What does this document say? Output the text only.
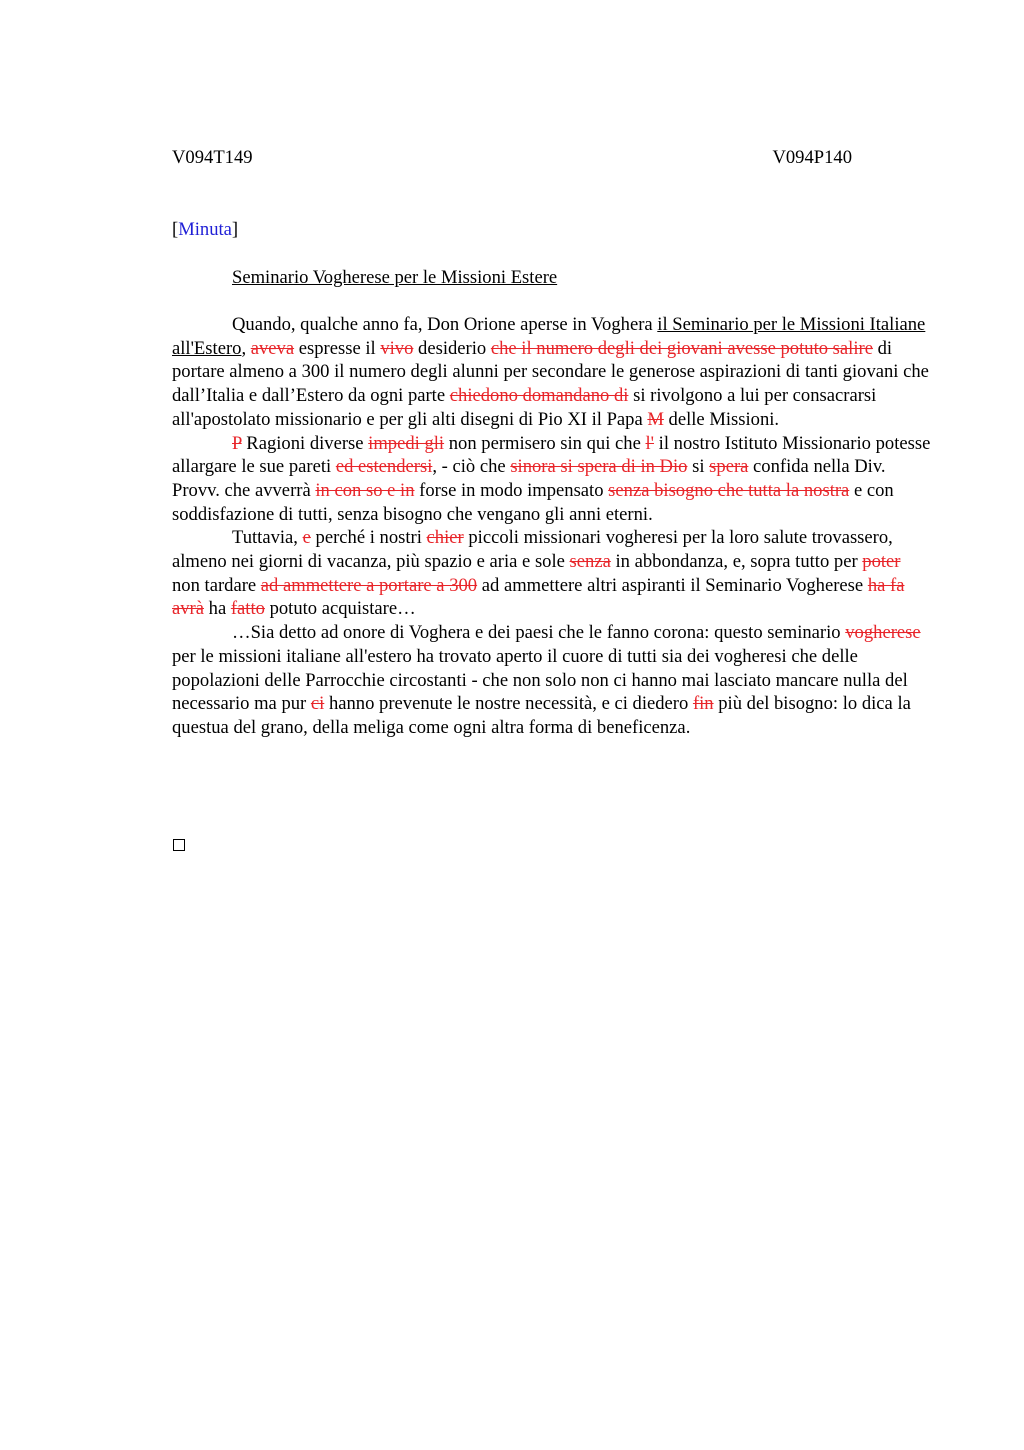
V094T149	V094P140
[Minuta]
Seminario Vogherese per le Missioni Estere

Quando, qualche anno fa, Don Orione aperse in Voghera il Seminario per le Missioni Italiane all'Estero, aveva espresse il vivo desiderio che il numero degli dei giovani avesse potuto salire di portare almeno a 300 il numero degli alunni per secondare le generose aspirazioni di tanti giovani che dall’Italia e dall’Estero da ogni parte chiedono domandano di si rivolgono a lui per consacrarsi all'apostolato missionario e per gli alti disegni di Pio XI il Papa M delle Missioni.

P Ragioni diverse impedi gli non permisero sin qui che l' il nostro Istituto Missionario potesse allargare le sue pareti ed estendersi, - ciò che sinora si spera di in Dio si spera confida nella Div. Provv. che avverrà in con so e in forse in modo impensato senza bisogno che tutta la nostra e con soddisfazione di tutti, senza bisogno che vengano gli anni eterni.

Tuttavia, e perché i nostri chier piccoli missionari vogheresi per la loro salute trovassero, almeno nei giorni di vacanza, più spazio e aria e sole senza in abbondanza, e, sopra tutto per poter non tardare ad ammettere a portare a 300 ad ammettere altri aspiranti il Seminario Vogherese ha fa avrà ha fatto potuto acquistare…

…Sia detto ad onore di Voghera e dei paesi che le fanno corona: questo seminario vogherese per le missioni italiane all'estero ha trovato aperto il cuore di tutti sia dei vogheresi che delle popolazioni delle Parrocchie circostanti - che non solo non ci hanno mai lasciato mancare nulla del necessario ma pur ci hanno prevenute le nostre necessità, e ci diedero fin più del bisogno: lo dica la questua del grano, della meliga come ogni altra forma di beneficenza.
